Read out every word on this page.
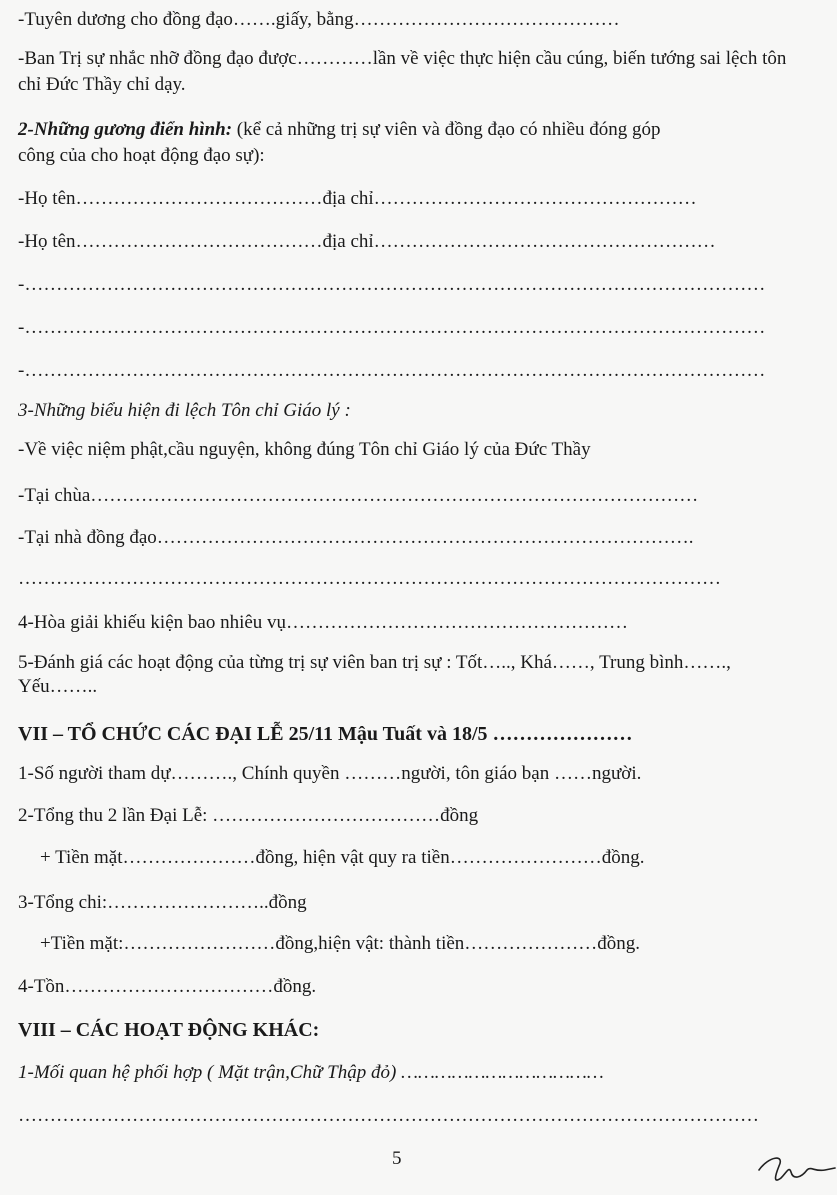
-Tuyên dương cho đồng đạo…….giấy, bằng……………………………………
-Ban Trị sự nhắc nhỡ đồng đạo được…………lần về việc thực hiện cầu cúng, biến tướng sai lệch tôn chỉ Đức Thầy chỉ dạy.
2-Những gương điển hình: (kể cả những trị sự viên và đồng đạo có nhiều đóng góp
công của cho hoạt động đạo sự):
-Họ tên…………………………………địa chỉ……………………………………………
-Họ tên…………………………………địa chỉ………………………………………………
-………………………………………………………………………………………………………
-………………………………………………………………………………………………………
-………………………………………………………………………………………………………
3-Những biểu hiện đi lệch Tôn chỉ Giáo lý :
-Về việc niệm phật,cầu nguyện, không đúng Tôn chỉ Giáo lý của Đức Thầy
-Tại chùa……………………………………………………………………………………
-Tại nhà đồng đạo………………………………………………………………………….
…………………………………………………………………………………………………
4-Hòa giải khiếu kiện bao nhiêu vụ………………………………………………
5-Đánh giá các hoạt động của từng trị sự viên ban trị sự : Tốt….., Khá……, Trung bình……., Yếu……..
VII – TỔ CHỨC CÁC ĐẠI LỄ 25/11 Mậu Tuất và 18/5 …………………
1-Số người tham dự………., Chính quyền ………người, tôn giáo bạn ……người.
2-Tổng thu 2 lần Đại Lễ: ………………………………đồng
+ Tiền mặt…………………đồng, hiện vật quy ra tiền……………………đồng.
3-Tổng chi:……………………..đồng
+Tiền mặt:……………………đồng,hiện vật: thành tiền…………………đồng.
4-Tồn……………………………đồng.
VIII – CÁC HOẠT ĐỘNG KHÁC:
1-Mối quan hệ phối hợp ( Mặt trận,Chữ Thập đỏ) ………………………………
………………………………………………………………………………………………………
5
